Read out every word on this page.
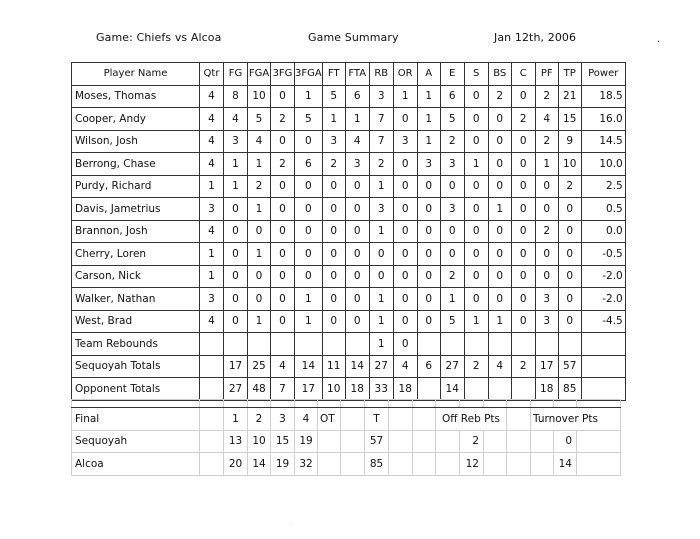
Game: Chiefs vs Alcoa	Game Summary	Jan 12th, 2006	.
Player Name	Qtr	FG	FGA	3FG	3FGA	FT	FTA	RB	OR	A	E	S	BS	C	PF	TP	Power
Moses, Thomas	4	8	10	0	1	5	6	3	1	1	6	0	2	0	2	21	18.5
Cooper, Andy	4	4	5	2	5	1	1	7	0	1	5	0	0	2	4	15	16.0
Wilson, Josh	4	3	4	0	0	3	4	7	3	1	2	0	0	0	2	9	14.5
Berrong, Chase	4	1	1	2	6	2	3	2	0	3	3	1	0	0	1	10	10.0
Purdy, Richard	1	1	2	0	0	0	0	1	0	0	0	0	0	0	0	2	2.5
Davis, Jametrius	3	0	1	0	0	0	0	3	0	0	3	0	1	0	0	0	0.5
Brannon, Josh	4	0	0	0	0	0	0	1	0	0	0	0	0	0	2	0	0.0
Cherry, Loren	1	0	1	0	0	0	0	0	0	0	0	0	0	0	0	0	-0.5
Carson, Nick	1	0	0	0	0	0	0	0	0	0	2	0	0	0	0	0	-2.0
Walker, Nathan	3	0	0	0	1	0	0	1	0	0	1	0	0	0	3	0	-2.0
West, Brad	4	0	1	0	1	0	0	1	0	0	5	1	1	0	3	0	-4.5
Team Rebounds								1	0								
Sequoyah Totals		17	25	4	14	11	14	27	4	6	27	2	4	2	17	57	
Opponent Totals		27	48	7	17	10	18	33	18		14				18	85	

Final		1	2	3	4	OT		T			Off Reb Pts				Turnover Pts		
Sequoyah		13	10	15	19			57				2				0	
Alcoa		20	14	19	32			85				12				14	
.
